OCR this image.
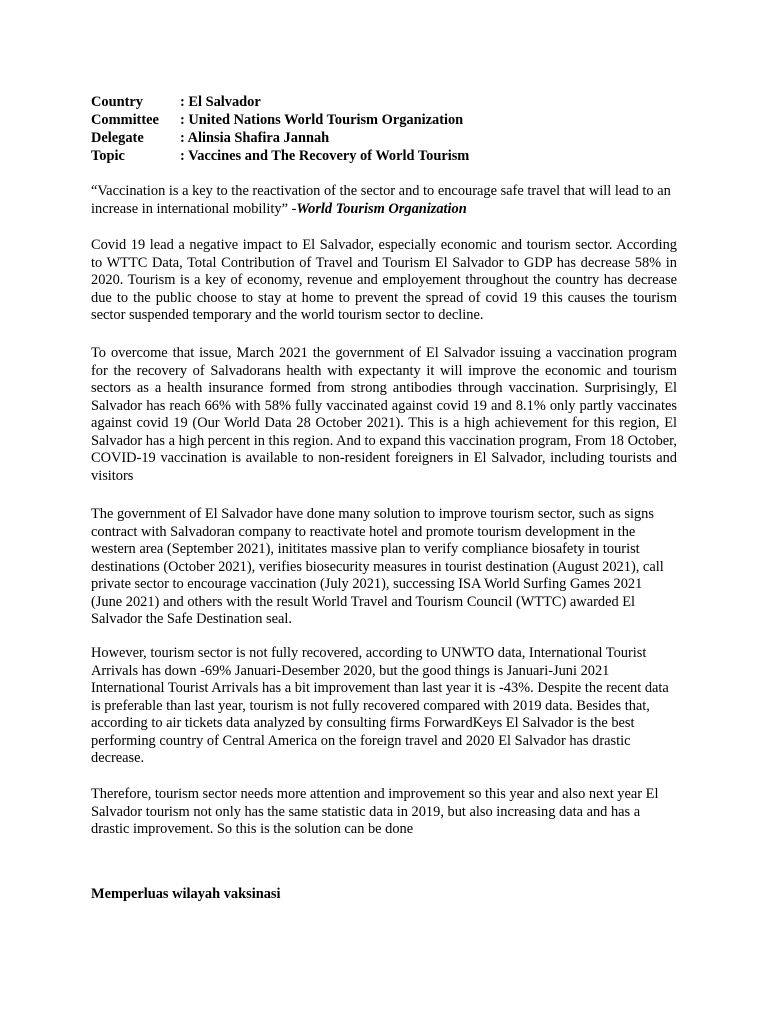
Country	: El Salvador
Committee	: United Nations World Tourism Organization
Delegate	: Alinsia Shafira Jannah
Topic	: Vaccines and The Recovery of World Tourism

“Vaccination is a key to the reactivation of the sector and to encourage safe travel that will lead to an increase in international mobility” -World Tourism Organization

Covid 19 lead a negative impact to El Salvador, especially economic and tourism sector. According to WTTC Data, Total Contribution of Travel and Tourism El Salvador to GDP has decrease 58% in 2020. Tourism is a key of economy, revenue and employement throughout the country has decrease due to the public choose to stay at home to prevent the spread of covid 19 this causes the tourism sector suspended temporary and the world tourism sector to decline.

To overcome that issue, March 2021 the government of El Salvador issuing a vaccination program for the recovery of Salvadorans health with expectanty it will improve the economic and tourism sectors as a health insurance formed from strong antibodies through vaccination. Surprisingly, El Salvador has reach 66% with 58% fully vaccinated against covid 19 and 8.1% only partly vaccinates against covid 19 (Our World Data 28 October 2021). This is a high achievement for this region, El Salvador has a high percent in this region. And to expand this vaccination program, From 18 October, COVID-19 vaccination is available to non-resident foreigners in El Salvador, including tourists and visitors

The government of El Salvador have done many solution to improve tourism sector, such as signs contract with Salvadoran company to reactivate hotel and promote tourism development in the western area (September 2021), inititates massive plan to verify compliance biosafety in tourist destinations (October 2021), verifies biosecurity measures in tourist destination (August 2021), call private sector to encourage vaccination (July 2021), successing ISA World Surfing Games 2021 (June 2021) and others with the result World Travel and Tourism Council (WTTC) awarded El Salvador the Safe Destination seal.

However, tourism sector is not fully recovered, according to UNWTO data, International Tourist Arrivals has down -69% Januari-Desember 2020, but the good things is Januari-Juni 2021 International Tourist Arrivals has a bit improvement than last year it is -43%. Despite the recent data is preferable than last year, tourism is not fully recovered compared with 2019 data. Besides that, according to air tickets data analyzed by consulting firms ForwardKeys El Salvador is the best performing country of Central America on the foreign travel and 2020 El Salvador has drastic decrease.

Therefore, tourism sector needs more attention and improvement so this year and also next year El Salvador tourism not only has the same statistic data in 2019, but also increasing data and has a drastic improvement. So this is the solution can be done

Memperluas wilayah vaksinasi
